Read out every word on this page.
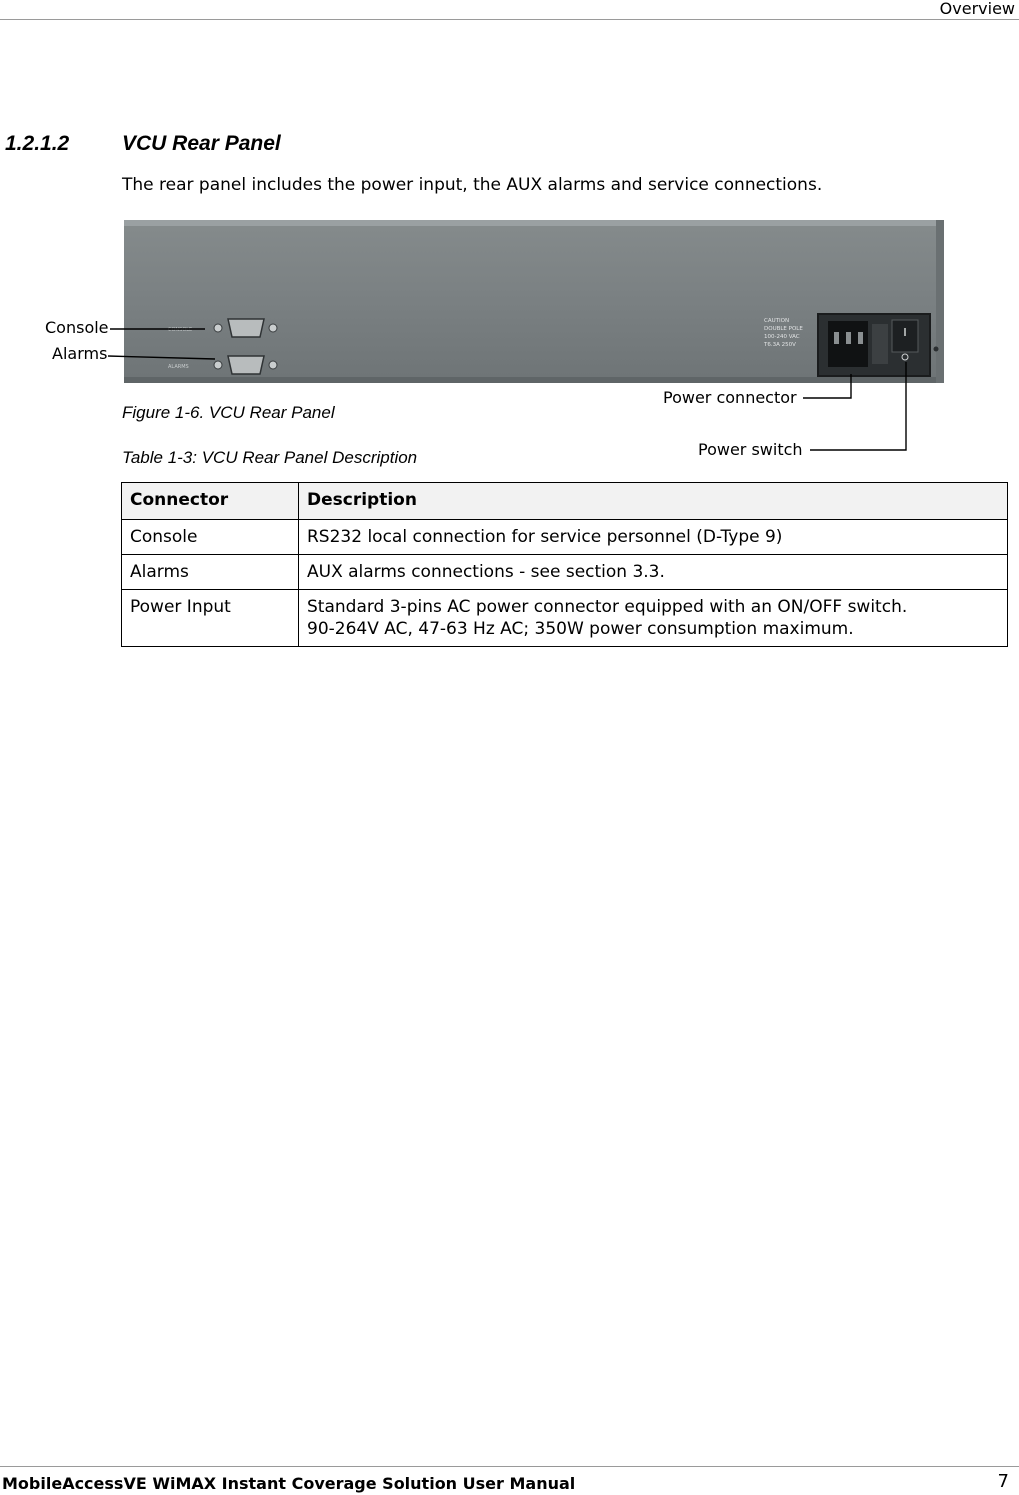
Overview
1.2.1.2	VCU Rear Panel

The rear panel includes the power input, the AUX alarms and service connections.

CONSOLE
ALARMS
CAUTION
DOUBLE POLE
100-240 VAC
T6.3A 250V
Console
Alarms
Power connector
Power switch

Figure 1-6. VCU Rear Panel

Table 1-3: VCU Rear Panel Description

Connector	Description
Console	RS232 local connection for service personnel (D-Type 9)
Alarms	AUX alarms connections - see section 3.3.
Power Input	Standard 3-pins AC power connector equipped with an ON/OFF switch.
90-264V AC, 47-63 Hz AC; 350W power consumption maximum.
MobileAccessVE WiMAX Instant Coverage Solution User Manual	7
